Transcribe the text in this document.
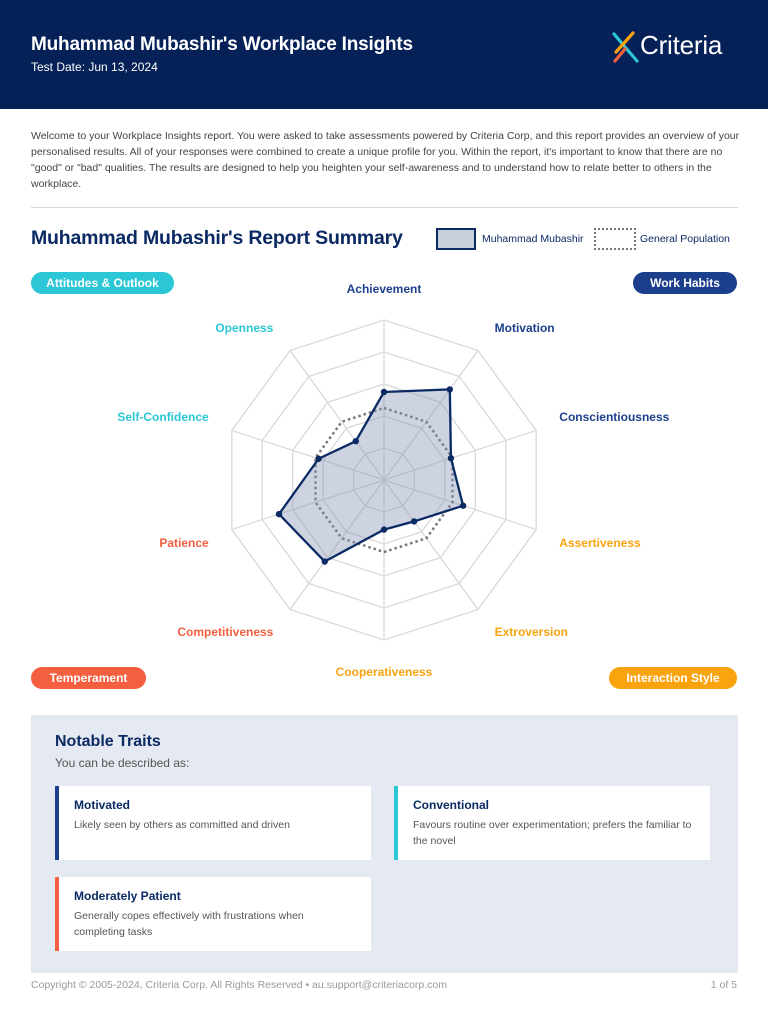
Muhammad Mubashir's Workplace Insights
Test Date: Jun 13, 2024
Criteria
Welcome to your Workplace Insights report. You were asked to take assessments powered by Criteria Corp, and this report provides an overview of your personalised results. All of your responses were combined to create a unique profile for you. Within the report, it's important to know that there are no "good" or "bad" qualities. The results are designed to help you heighten your self-awareness and to understand how to relate better to others in the workplace.
Muhammad Mubashir's Report Summary	Muhammad Mubashir	General Population
Attitudes & Outlook	Work Habits
Temperament	Interaction Style
Achievement
Motivation
Conscientiousness
Assertiveness
Extroversion
Cooperativeness
Competitiveness
Patience
Self-Confidence
Openness
Notable Traits
You can be described as:
Motivated
Likely seen by others as committed and driven
Conventional
Favours routine over experimentation; prefers the familiar to the novel
Moderately Patient
Generally copes effectively with frustrations when completing tasks
Copyright © 2005-2024, Criteria Corp. All Rights Reserved • au.support@criteriacorp.com	1 of 5
